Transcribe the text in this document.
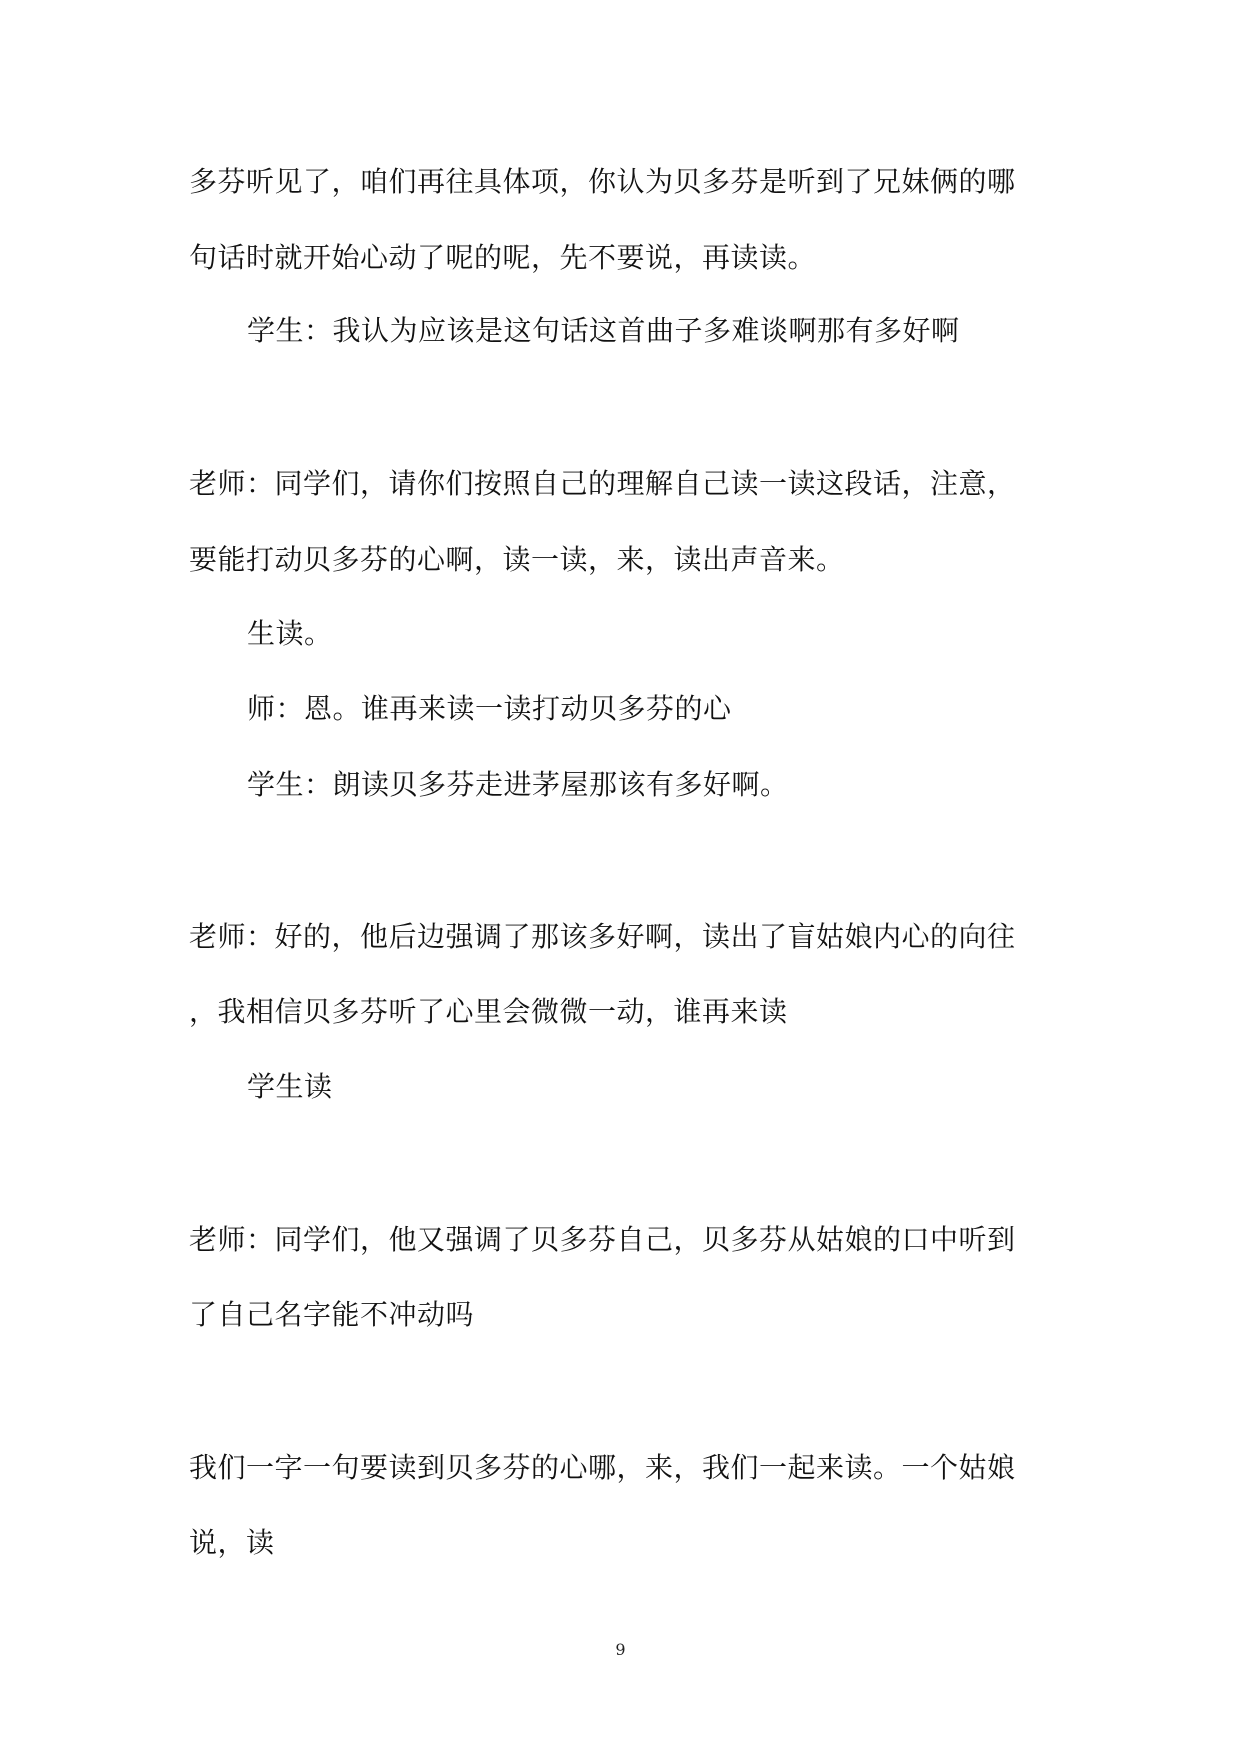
多芬听见了，咱们再往具体项，你认为贝多芬是听到了兄妹俩的哪

句话时就开始心动了呢的呢，先不要说，再读读。

学生：我认为应该是这句话这首曲子多难谈啊那有多好啊

老师：同学们，请你们按照自己的理解自己读一读这段话，注意，

要能打动贝多芬的心啊，读一读，来，读出声音来。

生读。

师：恩。谁再来读一读打动贝多芬的心

学生：朗读贝多芬走进茅屋那该有多好啊。

老师：好的，他后边强调了那该多好啊，读出了盲姑娘内心的向往

，我相信贝多芬听了心里会微微一动，谁再来读

学生读

老师：同学们，他又强调了贝多芬自己，贝多芬从姑娘的口中听到

了自己名字能不冲动吗

我们一字一句要读到贝多芬的心哪，来，我们一起来读。一个姑娘

说，读

9
